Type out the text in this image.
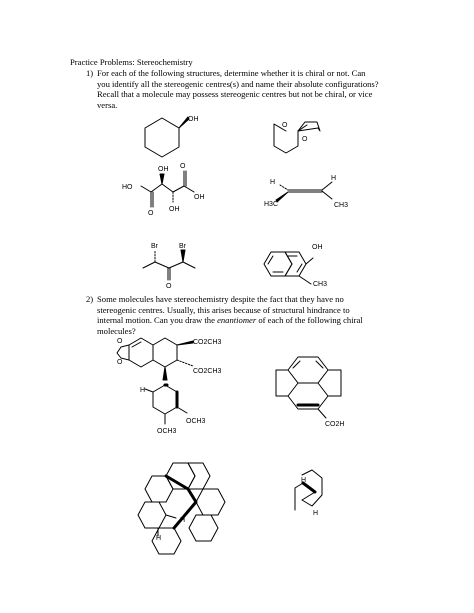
Practice Problems: Stereochemistry
1) For each of the following structures, determine whether it is chiral or not. Can
you identify all the stereogenic centres(s) and name their absolute configurations?
Recall that a molecule may possess stereogenic centres but not be chiral, or vice
versa.
2) Some molecules have stereochemistry despite the fact that they have no
stereogenic centres. Usually, this arises because of structural hindrance to
internal motion. Can you draw the enantiomer of each of the following chiral
molecules?
OH
O
O
OH O
HO
OH
O
OH
H
H3C
H
CH3
Br	Br
O
OH
CH3
O
O
CO2CH3
CO2CH3
H
OCH3
OCH3
CO2H
H
H
H
H
